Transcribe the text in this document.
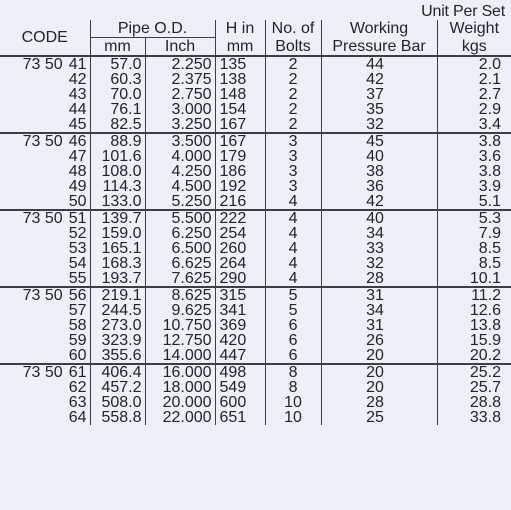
Unit Per Set
CODE	Pipe O.D.		H in	No. of	Working	Weight
	mm	Inch	mm	Bolts	Pressure Bar	kgs
73 50 41	57.0	2.250	135	2	44	2.0
42	60.3	2.375	138	2	42	2.1
43	70.0	2.750	148	2	37	2.7
44	76.1	3.000	154	2	35	2.9
45	82.5	3.250	167	2	32	3.4
73 50 46	88.9	3.500	167	3	45	3.8
47	101.6	4.000	179	3	40	3.6
48	108.0	4.250	186	3	38	3.8
49	114.3	4.500	192	3	36	3.9
50	133.0	5.250	216	4	42	5.1
73 50 51	139.7	5.500	222	4	40	5.3
52	159.0	6.250	254	4	34	7.9
53	165.1	6.500	260	4	33	8.5
54	168.3	6.625	264	4	32	8.5
55	193.7	7.625	290	4	28	10.1
73 50 56	219.1	8.625	315	5	31	11.2
57	244.5	9.625	341	5	34	12.6
58	273.0	10.750	369	6	31	13.8
59	323.9	12.750	420	6	26	15.9
60	355.6	14.000	447	6	20	20.2
73 50 61	406.4	16.000	498	8	20	25.2
62	457.2	18.000	549	8	20	25.7
63	508.0	20.000	600	10	28	28.8
64	558.8	22.000	651	10	25	33.8
